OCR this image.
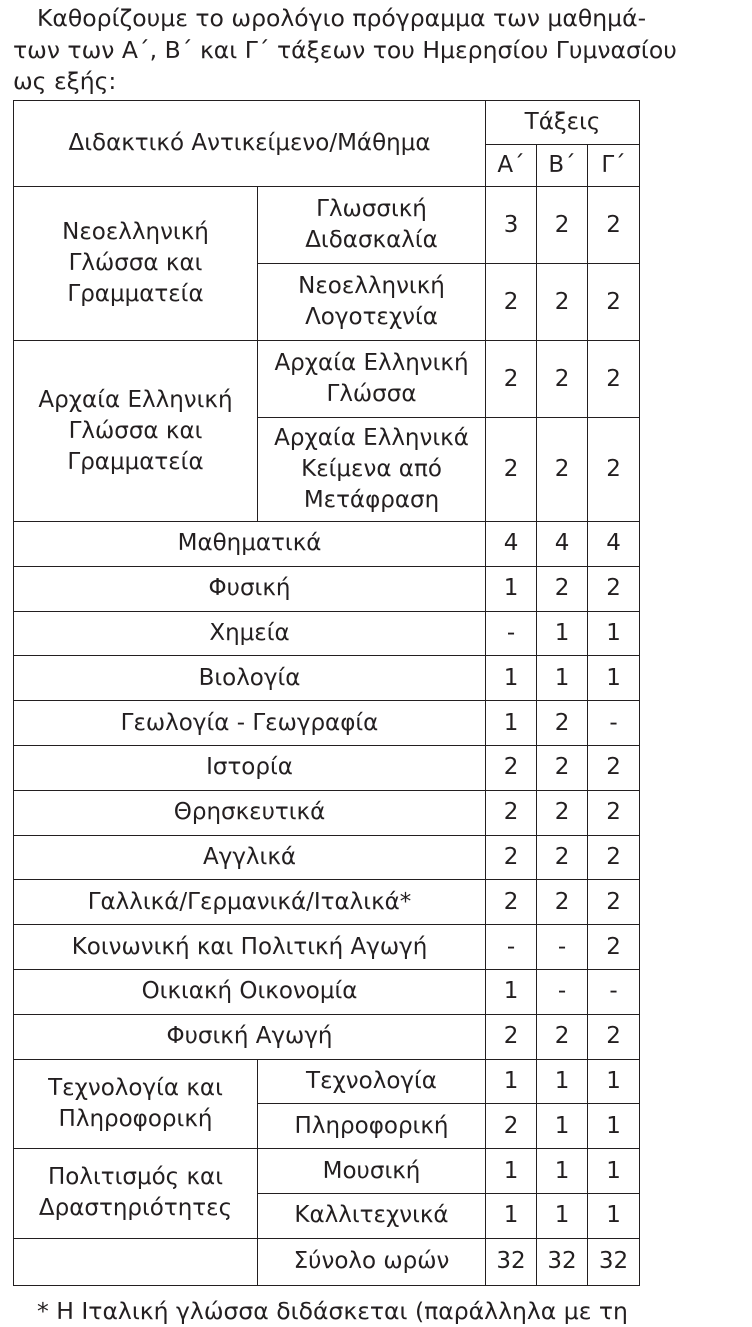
Καθορίζουμε το ωρολόγιο πρόγραμμα των μαθημά-
των των Α΄, Β΄ και Γ΄ τάξεων του Ημερησίου Γυμνασίου
ως εξής:

Διδακτικό Αντικείμενο/Μάθημα		Τάξεις		
		Α΄	Β΄	Γ΄
Νεοελληνική Γλώσσα και Γραμματεία	Γλωσσική Διδασκαλία	3	2	2
	Νεοελληνική Λογοτεχνία	2	2	2
Αρχαία Ελληνική Γλώσσα και Γραμματεία	Αρχαία Ελληνική Γλώσσα	2	2	2
	Αρχαία Ελληνικά Κείμενα από Μετάφραση	2	2	2
Μαθηματικά		4	4	4
Φυσική		1	2	2
Χημεία		-	1	1
Βιολογία		1	1	1
Γεωλογία - Γεωγραφία		1	2	-
Ιστορία		2	2	2
Θρησκευτικά		2	2	2
Αγγλικά		2	2	2
Γαλλικά/Γερμανικά/Ιταλικά*		2	2	2
Κοινωνική και Πολιτική Αγωγή		-	-	2
Οικιακή Οικονομία		1	-	-
Φυσική Αγωγή		2	2	2
Τεχνολογία και Πληροφορική	Τεχνολογία	1	1	1
	Πληροφορική	2	1	1
Πολιτισμός και Δραστηριότητες	Μουσική	1	1	1
	Καλλιτεχνικά	1	1	1
	Σύνολο ωρών	32	32	32
* Η Ιταλική γλώσσα διδάσκεται (παράλληλα με τη
